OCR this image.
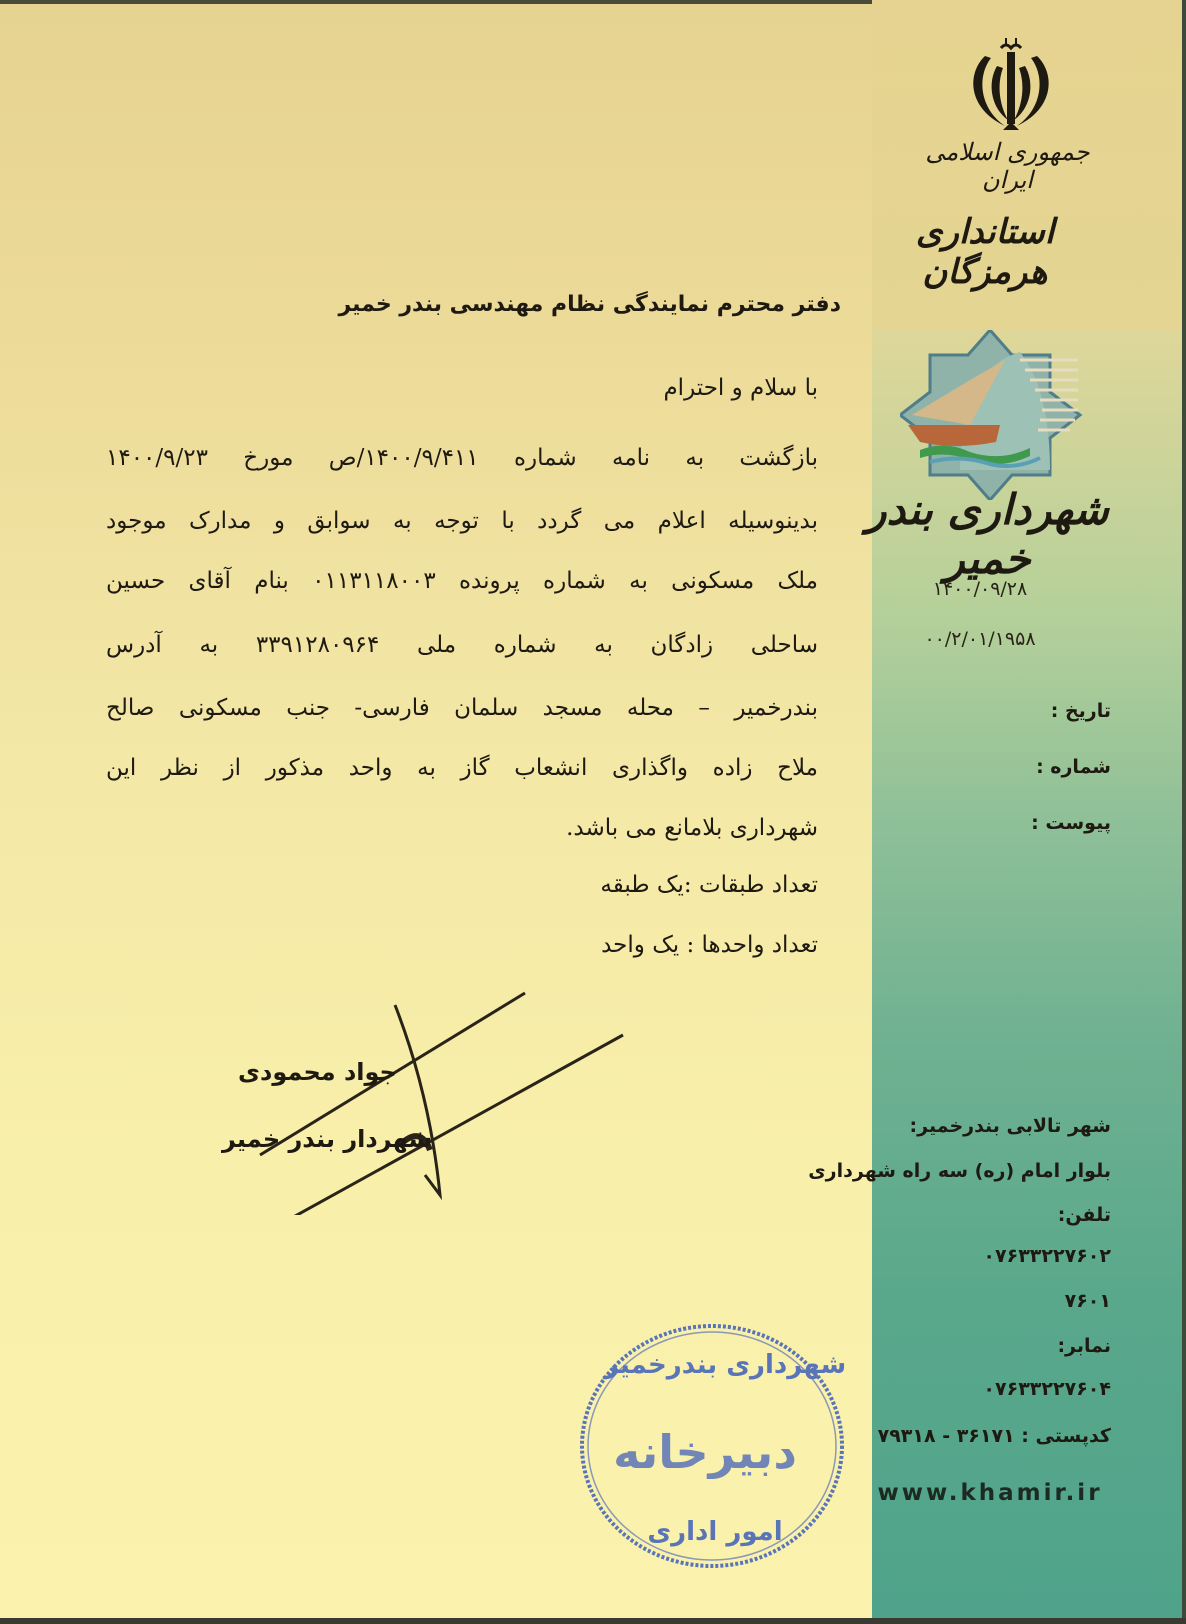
جمهوری اسلامی ایران
استانداری هرمزگان
شهرداری بندر خمیر
۱۴۰۰/۰۹/۲۸
۰۰/۲/۰۱/۱۹۵۸
تاریخ :
شماره :
پیوست :
دفتر محترم نمایندگی نظام مهندسی بندر خمیر
با سلام و احترام
بازگشت به نامه شماره ۱۴۰۰/۹/۴۱۱/ص مورخ ۱۴۰۰/۹/۲۳
بدینوسیله اعلام می گردد با توجه به سوابق و مدارک موجود
ملک مسکونی به شماره پرونده ۰۱۱۳۱۱۸۰۰۳ بنام آقای حسین
ساحلی زادگان به شماره ملی ۳۳۹۱۲۸۰۹۶۴ به آدرس
بندرخمیر – محله مسجد سلمان فارسی- جنب مسکونی صالح
ملاح زاده واگذاری انشعاب گاز به واحد مذکور از نظر این
شهرداری بلامانع می باشد.
تعداد طبقات :یک طبقه
تعداد واحدها : یک واحد
جواد محمودی
شهردار بندر خمیر
شهرداری بندرخمیر
دبیرخانه
امور اداری
شهر تالابی بندرخمیر:
بلوار امام (ره) سه راه شهرداری
تلفن:
۰۷۶۳۳۲۲۷۶۰۲
۷۶۰۱
نمابر:
۰۷۶۳۳۲۲۷۶۰۴
کدپستی : ۳۶۱۷۱ - ۷۹۳۱۸
www.khamir.ir
